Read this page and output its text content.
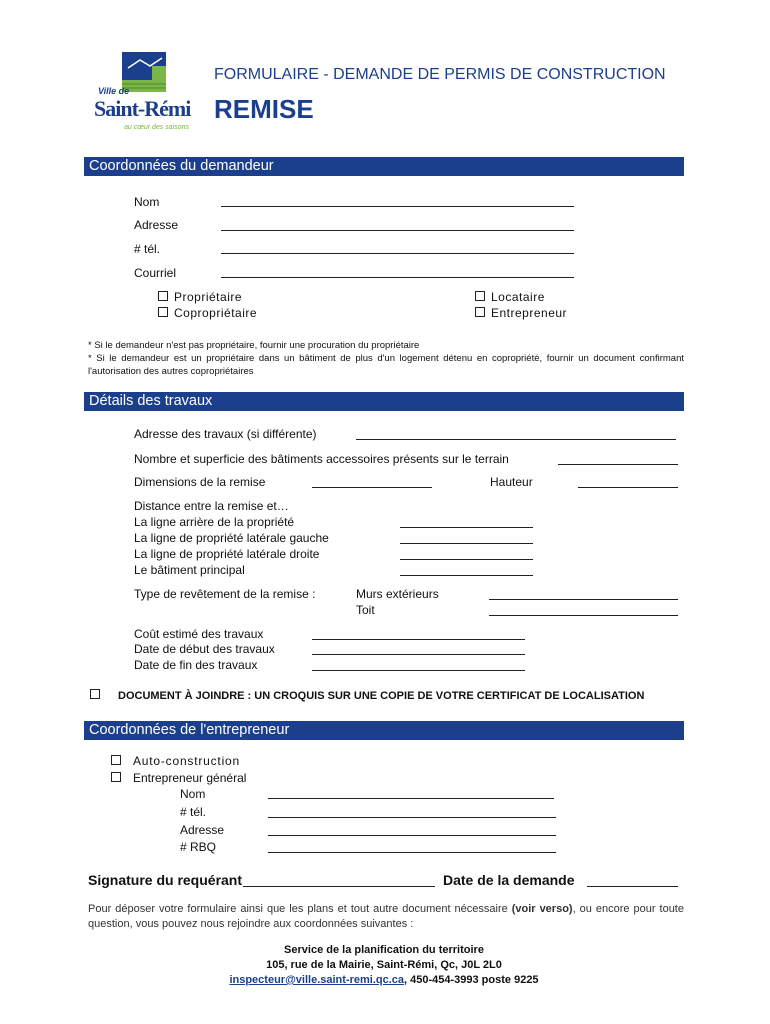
Ville de
Saint-Rémi
au cœur des saisons
FORMULAIRE - DEMANDE DE PERMIS DE CONSTRUCTION
REMISE
Coordonnées du demandeur
Nom
Adresse
# tél.
Courriel
Propriétaire
Copropriétaire
Locataire
Entrepreneur
* Si le demandeur n'est pas propriétaire, fournir une procuration du propriétaire
* Si le demandeur est un propriétaire dans un bâtiment de plus d'un logement détenu en copropriété, fournir un document confirmant l'autorisation des autres copropriétaires
Détails des travaux
Adresse des travaux (si différente)
Nombre et superficie des bâtiments accessoires présents sur le terrain
Dimensions de la remise	Hauteur
Distance entre la remise et…
La ligne arrière de la propriété
La ligne de propriété latérale gauche
La ligne de propriété latérale droite
Le bâtiment principal
Type de revêtement de la remise :	Murs extérieurs
Toit
Coût estimé des travaux
Date de début des travaux
Date de fin des travaux
DOCUMENT À JOINDRE : UN CROQUIS SUR UNE COPIE DE VOTRE CERTIFICAT DE LOCALISATION
Coordonnées de l'entrepreneur
Auto-construction
Entrepreneur général
Nom
# tél.
Adresse
# RBQ
Signature du requérant	Date de la demande
Pour déposer votre formulaire ainsi que les plans et tout autre document nécessaire (voir verso), ou encore pour toute question, vous pouvez nous rejoindre aux coordonnées suivantes :
Service de la planification du territoire
105, rue de la Mairie, Saint-Rémi, Qc, J0L 2L0
inspecteur@ville.saint-remi.qc.ca, 450-454-3993 poste 9225
